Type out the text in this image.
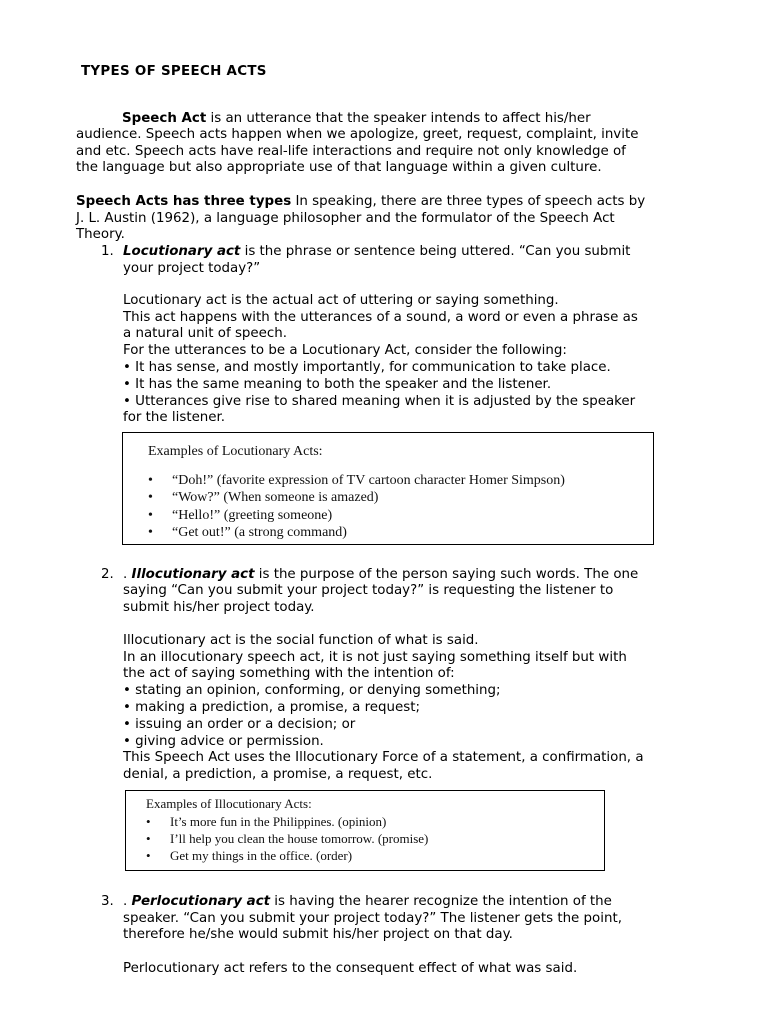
TYPES OF SPEECH ACTS
Speech Act is an utterance that the speaker intends to affect his/her
audience. Speech acts happen when we apologize, greet, request, complaint, invite
and etc. Speech acts have real-life interactions and require not only knowledge of
the language but also appropriate use of that language within a given culture.
Speech Acts has three types In speaking, there are three types of speech acts by
J. L. Austin (1962), a language philosopher and the formulator of the Speech Act
Theory.
1. Locutionary act is the phrase or sentence being uttered. “Can you submit
your project today?”
Locutionary act is the actual act of uttering or saying something.
This act happens with the utterances of a sound, a word or even a phrase as
a natural unit of speech.
For the utterances to be a Locutionary Act, consider the following:
• It has sense, and mostly importantly, for communication to take place.
• It has the same meaning to both the speaker and the listener.
• Utterances give rise to shared meaning when it is adjusted by the speaker
for the listener.
Examples of Locutionary Acts:
• “Doh!” (favorite expression of TV cartoon character Homer Simpson)
• “Wow?” (When someone is amazed)
• “Hello!” (greeting someone)
• “Get out!” (a strong command)
2. . Illocutionary act is the purpose of the person saying such words. The one
saying “Can you submit your project today?” is requesting the listener to
submit his/her project today.
Illocutionary act is the social function of what is said.
In an illocutionary speech act, it is not just saying something itself but with
the act of saying something with the intention of:
• stating an opinion, conforming, or denying something;
• making a prediction, a promise, a request;
• issuing an order or a decision; or
• giving advice or permission.
This Speech Act uses the Illocutionary Force of a statement, a confirmation, a
denial, a prediction, a promise, a request, etc.
Examples of Illocutionary Acts:
• It’s more fun in the Philippines. (opinion)
• I’ll help you clean the house tomorrow. (promise)
• Get my things in the office. (order)
3. . Perlocutionary act is having the hearer recognize the intention of the
speaker. “Can you submit your project today?” The listener gets the point,
therefore he/she would submit his/her project on that day.
Perlocutionary act refers to the consequent effect of what was said.
